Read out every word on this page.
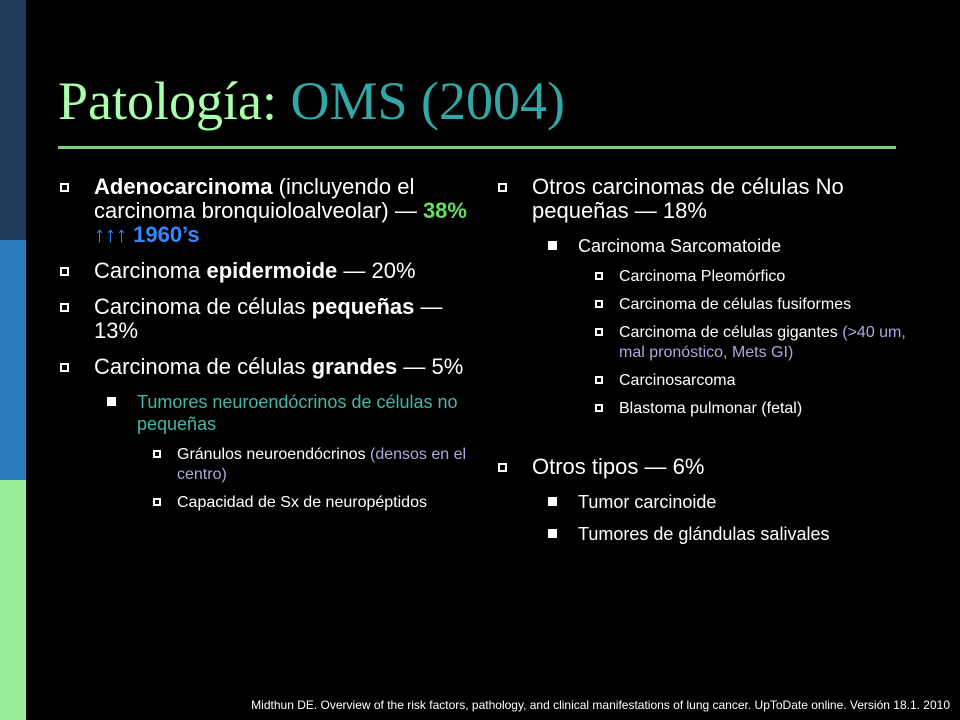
Patología: OMS (2004)
Adenocarcinoma (incluyendo el carcinoma bronquioloalveolar) — 38%
↑↑↑ 1960’s
Carcinoma epidermoide — 20%
Carcinoma de células pequeñas — 13%
Carcinoma de células grandes — 5%
Tumores neuroendócrinos de células no pequeñas
Gránulos neuroendócrinos (densos en el centro)
Capacidad de Sx de neuropéptidos
Otros carcinomas de células No pequeñas — 18%
Carcinoma Sarcomatoide
Carcinoma Pleomórfico
Carcinoma de células fusiformes
Carcinoma de células gigantes (>40 um, mal pronóstico, Mets GI)
Carcinosarcoma
Blastoma pulmonar (fetal)
Otros tipos — 6%
Tumor carcinoide
Tumores de glándulas salivales
Midthun DE. Overview of the risk factors, pathology, and clinical manifestations of lung cancer. UpToDate online. Versión 18.1. 2010
